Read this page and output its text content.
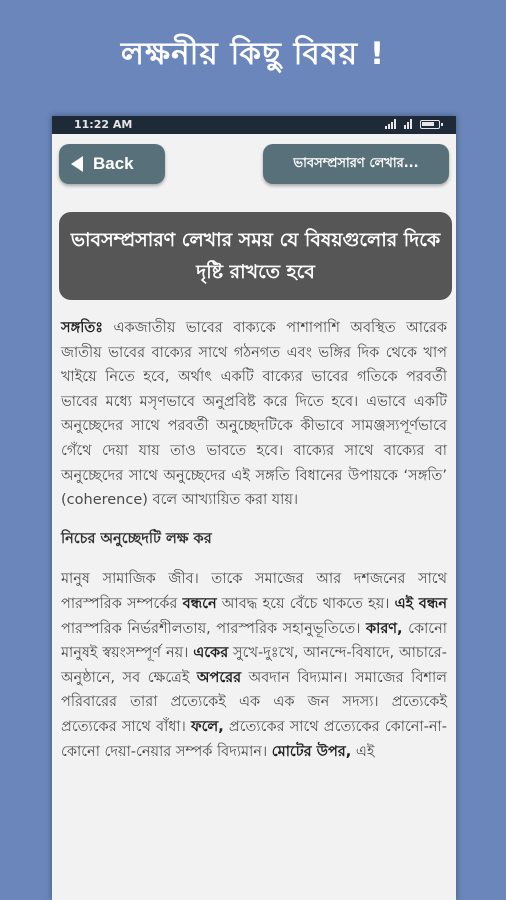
লক্ষনীয় কিছু বিষয় !
11:22 AM
Back	ভাবসম্প্রসারণ লেখার...
ভাবসম্প্রসারণ লেখার সময় যে বিষয়গুলোর দিকে দৃষ্টি রাখতে হবে

সঙ্গতিঃ একজাতীয় ভাবের বাক্যকে পাশাপাশি অবস্থিত আরেক জাতীয় ভাবের বাক্যের সাথে গঠনগত এবং ভঙ্গির দিক থেকে খাপ খাইয়ে নিতে হবে, অর্থাৎ একটি বাক্যের ভাবের গতিকে পরবর্তী ভাবের মধ্যে মসৃণভাবে অনুপ্রবিষ্ট করে দিতে হবে। এভাবে একটি অনুচ্ছেদের সাথে পরবর্তী অনুচ্ছেদটিকে কীভাবে সামঞ্জস্যপূর্ণভাবে গেঁথে দেয়া যায় তাও ভাবতে হবে। বাক্যের সাথে বাক্যের বা অনুচ্ছেদের সাথে অনুচ্ছেদের এই সঙ্গতি বিধানের উপায়কে ‘সঙ্গতি’ (coherence) বলে আখ্যায়িত করা যায়।

নিচের অনুচ্ছেদটি লক্ষ কর

মানুষ সামাজিক জীব। তাকে সমাজের আর দশজনের সাথে পারস্পরিক সম্পর্কের বন্ধনে আবদ্ধ হয়ে বেঁচে থাকতে হয়। এই বন্ধন পারস্পরিক নির্ভরশীলতায়, পারস্পরিক সহানুভূতিতে। কারণ, কোনো মানুষই স্বয়ংসম্পূর্ণ নয়। একের সুখে-দুঃখে, আনন্দে-বিষাদে, আচারে-অনুষ্ঠানে, সব ক্ষেত্রেই অপরের অবদান বিদ্যমান। সমাজের বিশাল পরিবারের তারা প্রত্যেকেই এক এক জন সদস্য। প্রত্যেকেই প্রত্যেকের সাথে বাঁধা। ফলে, প্রত্যেকের সাথে প্রত্যেকের কোনো-না-কোনো দেয়া-নেয়ার সম্পর্ক বিদ্যমান। মোটের উপর, এই
